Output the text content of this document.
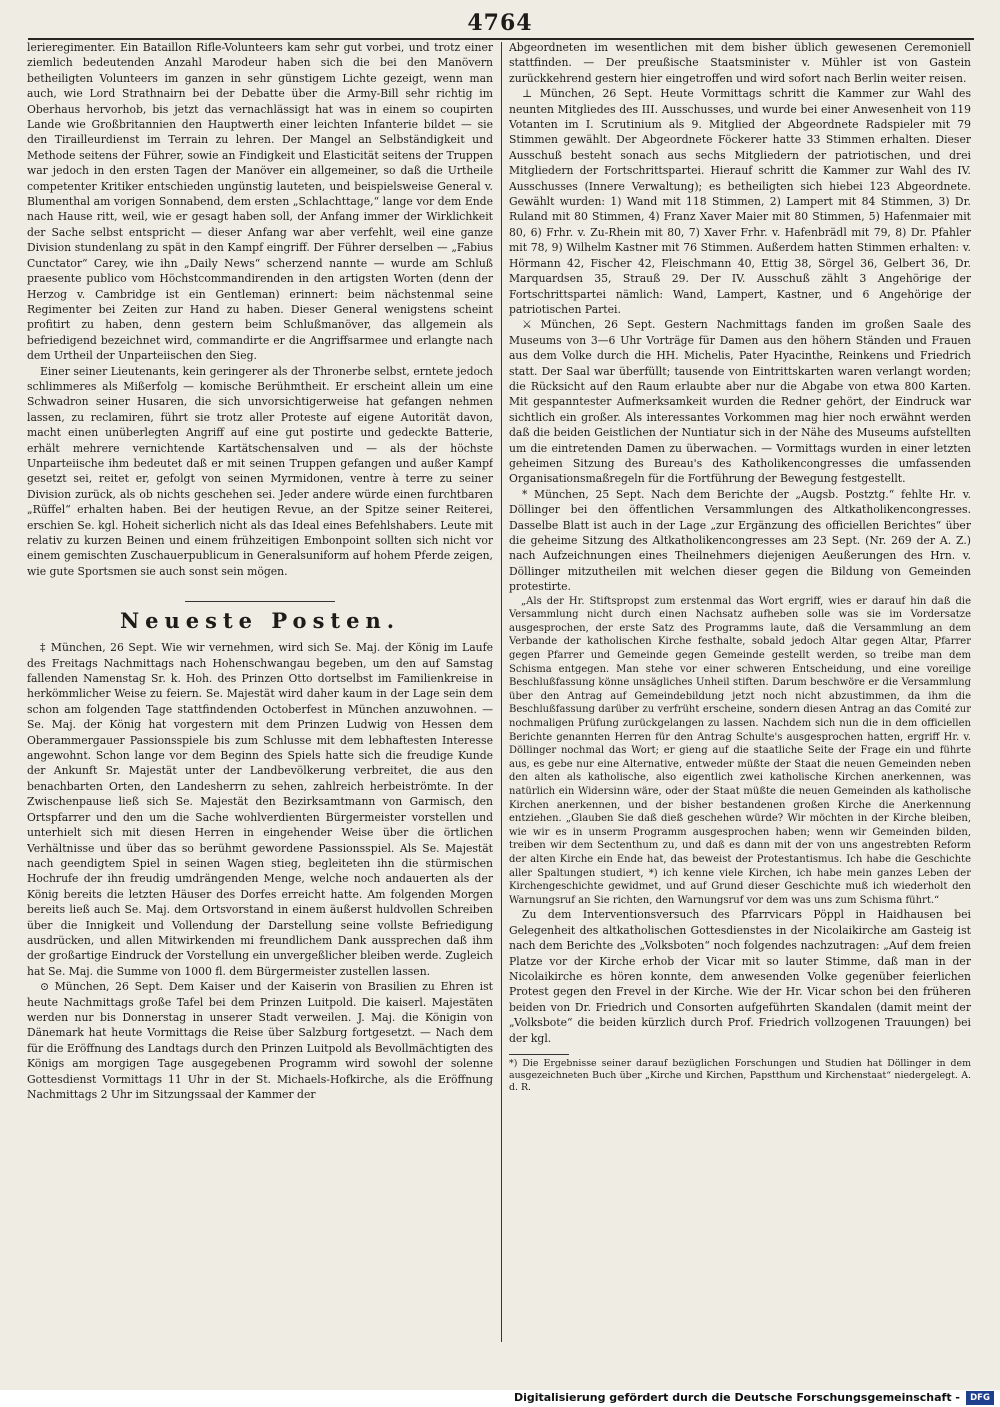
4764

lerieregimenter. Ein Bataillon Rifle-Volunteers kam sehr gut vorbei, und trotz einer ziemlich bedeutenden Anzahl Marodeur haben sich die bei den Manövern betheiligten Volunteers im ganzen in sehr günstigem Lichte gezeigt, wenn man auch, wie Lord Strathnairn bei der Debatte über die Army-Bill sehr richtig im Oberhaus hervorhob, bis jetzt das vernachlässigt hat was in einem so coupirten Lande wie Großbritannien den Hauptwerth einer leichten Infanterie bildet — sie den Tirailleurdienst im Terrain zu lehren. Der Mangel an Selbständigkeit und Methode seitens der Führer, sowie an Findigkeit und Elasticität seitens der Truppen war jedoch in den ersten Tagen der Manöver ein allgemeiner, so daß die Urtheile competenter Kritiker entschieden ungünstig lauteten, und beispielsweise General v. Blumenthal am vorigen Sonnabend, dem ersten „Schlachttage,“ lange vor dem Ende nach Hause ritt, weil, wie er gesagt haben soll, der Anfang immer der Wirklichkeit der Sache selbst entspricht — dieser Anfang war aber verfehlt, weil eine ganze Division stundenlang zu spät in den Kampf eingriff. Der Führer derselben — „Fabius Cunctator“ Carey, wie ihn „Daily News“ scherzend nannte — wurde am Schluß praesente publico vom Höchstcommandirenden in den artigsten Worten (denn der Herzog v. Cambridge ist ein Gentleman) erinnert: beim nächstenmal seine Regimenter bei Zeiten zur Hand zu haben. Dieser General wenigstens scheint profitirt zu haben, denn gestern beim Schlußmanöver, das allgemein als befriedigend bezeichnet wird, commandirte er die Angriffsarmee und erlangte nach dem Urtheil der Unparteiischen den Sieg.

Einer seiner Lieutenants, kein geringerer als der Thronerbe selbst, erntete jedoch schlimmeres als Mißerfolg — komische Berühmtheit. Er erscheint allein um eine Schwadron seiner Husaren, die sich unvorsichtigerweise hat gefangen nehmen lassen, zu reclamiren, führt sie trotz aller Proteste auf eigene Autorität davon, macht einen unüberlegten Angriff auf eine gut postirte und gedeckte Batterie, erhält mehrere vernichtende Kartätschensalven und — als der höchste Unparteiische ihm bedeutet daß er mit seinen Truppen gefangen und außer Kampf gesetzt sei, reitet er, gefolgt von seinen Myrmidonen, ventre à terre zu seiner Division zurück, als ob nichts geschehen sei. Jeder andere würde einen furchtbaren „Rüffel“ erhalten haben. Bei der heutigen Revue, an der Spitze seiner Reiterei, erschien Se. kgl. Hoheit sicherlich nicht als das Ideal eines Befehlshabers. Leute mit relativ zu kurzen Beinen und einem frühzeitigen Embonpoint sollten sich nicht vor einem gemischten Zuschauerpublicum in Generalsuniform auf hohem Pferde zeigen, wie gute Sportsmen sie auch sonst sein mögen.

Neueste Posten.

‡ München, 26 Sept. Wie wir vernehmen, wird sich Se. Maj. der König im Laufe des Freitags Nachmittags nach Hohenschwangau begeben, um den auf Samstag fallenden Namenstag Sr. k. Hoh. des Prinzen Otto dortselbst im Familienkreise in herkömmlicher Weise zu feiern. Se. Majestät wird daher kaum in der Lage sein dem schon am folgenden Tage stattfindenden Octoberfest in München anzuwohnen. — Se. Maj. der König hat vorgestern mit dem Prinzen Ludwig von Hessen dem Oberammergauer Passionsspiele bis zum Schlusse mit dem lebhaftesten Interesse angewohnt. Schon lange vor dem Beginn des Spiels hatte sich die freudige Kunde der Ankunft Sr. Majestät unter der Landbevölkerung verbreitet, die aus den benachbarten Orten, den Landesherrn zu sehen, zahlreich herbeiströmte. In der Zwischenpause ließ sich Se. Majestät den Bezirksamtmann von Garmisch, den Ortspfarrer und den um die Sache wohlverdienten Bürgermeister vorstellen und unterhielt sich mit diesen Herren in eingehender Weise über die örtlichen Verhältnisse und über das so berühmt gewordene Passionsspiel. Als Se. Majestät nach geendigtem Spiel in seinen Wagen stieg, begleiteten ihn die stürmischen Hochrufe der ihn freudig umdrängenden Menge, welche noch andauerten als der König bereits die letzten Häuser des Dorfes erreicht hatte. Am folgenden Morgen bereits ließ auch Se. Maj. dem Ortsvorstand in einem äußerst huldvollen Schreiben über die Innigkeit und Vollendung der Darstellung seine vollste Befriedigung ausdrücken, und allen Mitwirkenden mi freundlichem Dank aussprechen daß ihm der großartige Eindruck der Vorstellung ein unvergeßlicher bleiben werde. Zugleich hat Se. Maj. die Summe von 1000 fl. dem Bürgermeister zustellen lassen.

⊙ München, 26 Sept. Dem Kaiser und der Kaiserin von Brasilien zu Ehren ist heute Nachmittags große Tafel bei dem Prinzen Luitpold. Die kaiserl. Majestäten werden nur bis Donnerstag in unserer Stadt verweilen. J. Maj. die Königin von Dänemark hat heute Vormittags die Reise über Salzburg fortgesetzt. — Nach dem für die Eröffnung des Landtags durch den Prinzen Luitpold als Bevollmächtigten des Königs am morgigen Tage ausgegebenen Programm wird sowohl der solenne Gottesdienst Vormittags 11 Uhr in der St. Michaels-Hofkirche, als die Eröffnung Nachmittags 2 Uhr im Sitzungssaal der Kammer der

Abgeordneten im wesentlichen mit dem bisher üblich gewesenen Ceremoniell stattfinden. — Der preußische Staatsminister v. Mühler ist von Gastein zurückkehrend gestern hier eingetroffen und wird sofort nach Berlin weiter reisen.

⊥ München, 26 Sept. Heute Vormittags schritt die Kammer zur Wahl des neunten Mitgliedes des III. Ausschusses, und wurde bei einer Anwesenheit von 119 Votanten im I. Scrutinium als 9. Mitglied der Abgeordnete Radspieler mit 79 Stimmen gewählt. Der Abgeordnete Föckerer hatte 33 Stimmen erhalten. Dieser Ausschuß besteht sonach aus sechs Mitgliedern der patriotischen, und drei Mitgliedern der Fortschrittspartei. Hierauf schritt die Kammer zur Wahl des IV. Ausschusses (Innere Verwaltung); es betheiligten sich hiebei 123 Abgeordnete. Gewählt wurden: 1) Wand mit 118 Stimmen, 2) Lampert mit 84 Stimmen, 3) Dr. Ruland mit 80 Stimmen, 4) Franz Xaver Maier mit 80 Stimmen, 5) Hafenmaier mit 80, 6) Frhr. v. Zu-Rhein mit 80, 7) Xaver Frhr. v. Hafenbrädl mit 79, 8) Dr. Pfahler mit 78, 9) Wilhelm Kastner mit 76 Stimmen. Außerdem hatten Stimmen erhalten: v. Hörmann 42, Fischer 42, Fleischmann 40, Ettig 38, Sörgel 36, Gelbert 36, Dr. Marquardsen 35, Strauß 29. Der IV. Ausschuß zählt 3 Angehörige der Fortschrittspartei nämlich: Wand, Lampert, Kastner, und 6 Angehörige der patriotischen Partei.

⚔ München, 26 Sept. Gestern Nachmittags fanden im großen Saale des Museums von 3—6 Uhr Vorträge für Damen aus den höhern Ständen und Frauen aus dem Volke durch die HH. Michelis, Pater Hyacinthe, Reinkens und Friedrich statt. Der Saal war überfüllt; tausende von Eintrittskarten waren verlangt worden; die Rücksicht auf den Raum erlaubte aber nur die Abgabe von etwa 800 Karten. Mit gespanntester Aufmerksamkeit wurden die Redner gehört, der Eindruck war sichtlich ein großer. Als interessantes Vorkommen mag hier noch erwähnt werden daß die beiden Geistlichen der Nuntiatur sich in der Nähe des Museums aufstellten um die eintretenden Damen zu überwachen. — Vormittags wurden in einer letzten geheimen Sitzung des Bureau's des Katholikencongresses die umfassenden Organisationsmaßregeln für die Fortführung der Bewegung festgestellt.

* München, 25 Sept. Nach dem Berichte der „Augsb. Postztg.“ fehlte Hr. v. Döllinger bei den öffentlichen Versammlungen des Altkatholikencongresses. Dasselbe Blatt ist auch in der Lage „zur Ergänzung des officiellen Berichtes“ über die geheime Sitzung des Altkatholikencongresses am 23 Sept. (Nr. 269 der A. Z.) nach Aufzeichnungen eines Theilnehmers diejenigen Aeußerungen des Hrn. v. Döllinger mitzutheilen mit welchen dieser gegen die Bildung von Gemeinden protestirte.

„Als der Hr. Stiftspropst zum erstenmal das Wort ergriff, wies er darauf hin daß die Versammlung nicht durch einen Nachsatz aufheben solle was sie im Vordersatze ausgesprochen, der erste Satz des Programms laute, daß die Versammlung an dem Verbande der katholischen Kirche festhalte, sobald jedoch Altar gegen Altar, Pfarrer gegen Pfarrer und Gemeinde gegen Gemeinde gestellt werden, so treibe man dem Schisma entgegen. Man stehe vor einer schweren Entscheidung, und eine voreilige Beschlußfassung könne unsägliches Unheil stiften. Darum beschwöre er die Versammlung über den Antrag auf Gemeindebildung jetzt noch nicht abzustimmen, da ihm die Beschlußfassung darüber zu verfrüht erscheine, sondern diesen Antrag an das Comité zur nochmaligen Prüfung zurückgelangen zu lassen. Nachdem sich nun die in dem officiellen Berichte genannten Herren für den Antrag Schulte's ausgesprochen hatten, ergriff Hr. v. Döllinger nochmal das Wort; er gieng auf die staatliche Seite der Frage ein und führte aus, es gebe nur eine Alternative, entweder müßte der Staat die neuen Gemeinden neben den alten als katholische, also eigentlich zwei katholische Kirchen anerkennen, was natürlich ein Widersinn wäre, oder der Staat müßte die neuen Gemeinden als katholische Kirchen anerkennen, und der bisher bestandenen großen Kirche die Anerkennung entziehen. „Glauben Sie daß dieß geschehen würde? Wir möchten in der Kirche bleiben, wie wir es in unserm Programm ausgesprochen haben; wenn wir Gemeinden bilden, treiben wir dem Sectenthum zu, und daß es dann mit der von uns angestrebten Reform der alten Kirche ein Ende hat, das beweist der Protestantismus. Ich habe die Geschichte aller Spaltungen studiert, *) ich kenne viele Kirchen, ich habe mein ganzes Leben der Kirchengeschichte gewidmet, und auf Grund dieser Geschichte muß ich wiederholt den Warnungsruf an Sie richten, den Warnungsruf vor dem was uns zum Schisma führt.“

Zu dem Interventionsversuch des Pfarrvicars Pöppl in Haidhausen bei Gelegenheit des altkatholischen Gottesdienstes in der Nicolaikirche am Gasteig ist nach dem Berichte des „Volksboten“ noch folgendes nachzutragen: „Auf dem freien Platze vor der Kirche erhob der Vicar mit so lauter Stimme, daß man in der Nicolaikirche es hören konnte, dem anwesenden Volke gegenüber feierlichen Protest gegen den Frevel in der Kirche. Wie der Hr. Vicar schon bei den früheren beiden von Dr. Friedrich und Consorten aufgeführten Skandalen (damit meint der „Volksbote“ die beiden kürzlich durch Prof. Friedrich vollzogenen Trauungen) bei der kgl.

*) Die Ergebnisse seiner darauf bezüglichen Forschungen und Studien hat Döllinger in dem ausgezeichneten Buch über „Kirche und Kirchen, Papstthum und Kirchenstaat“ niedergelegt. A. d. R.

Digitalisierung gefördert durch die Deutsche Forschungsgemeinschaft -	DFG
